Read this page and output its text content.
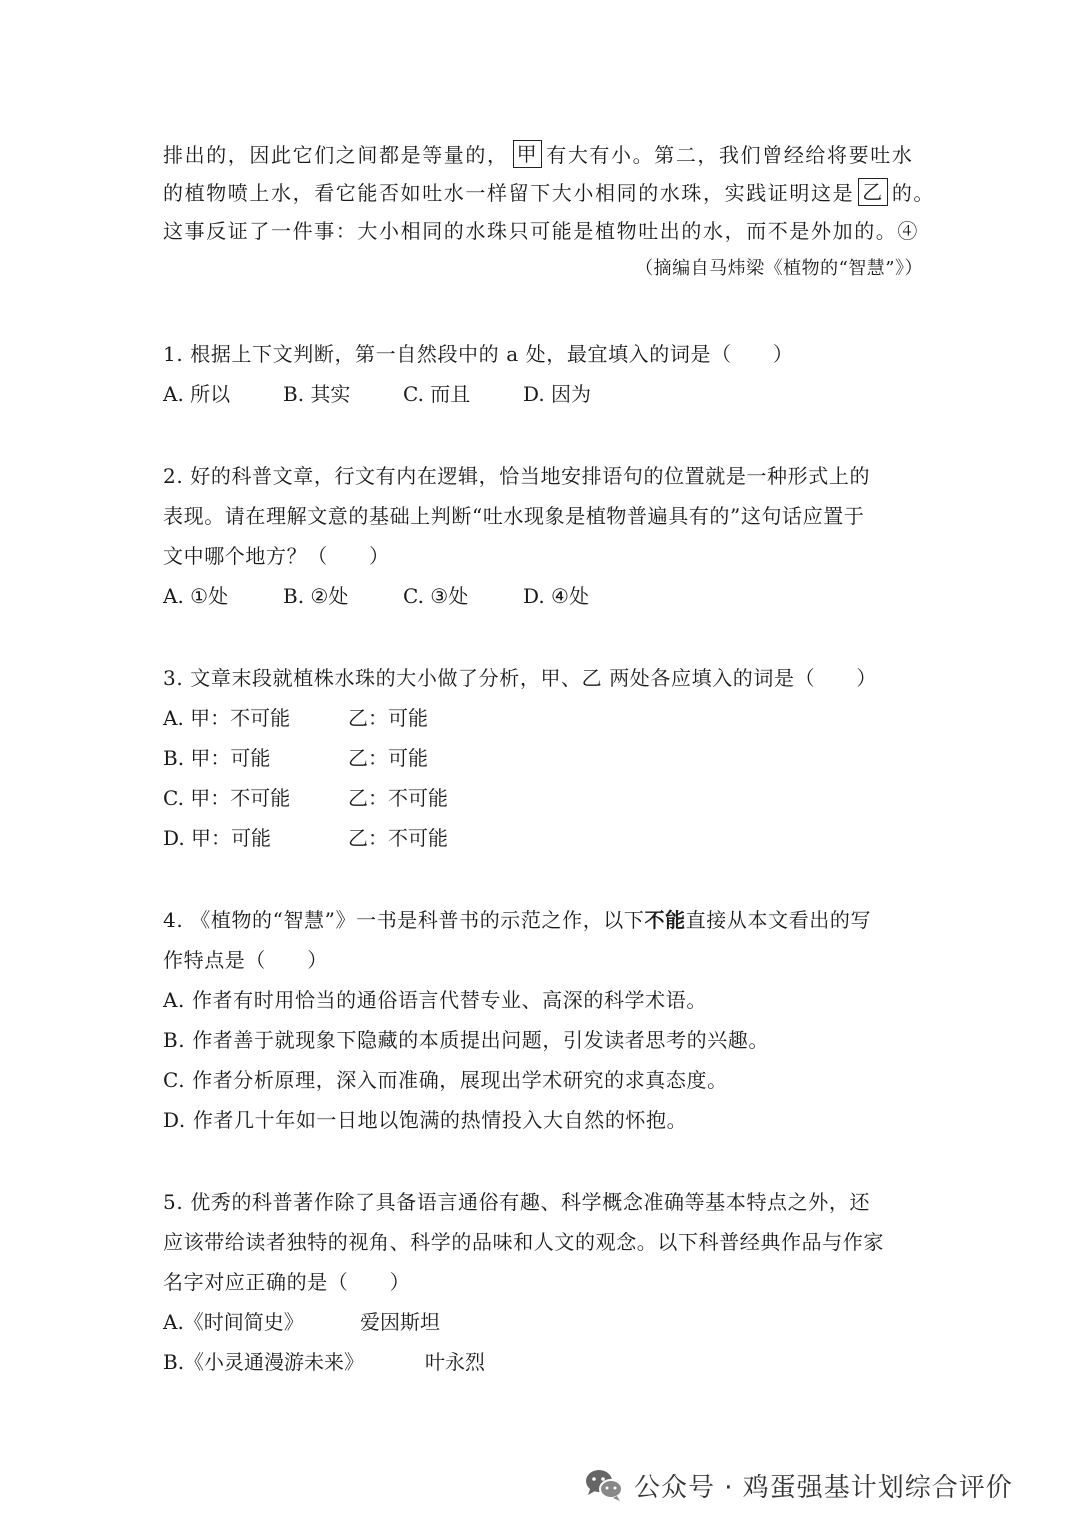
排出的，因此它们之间都是等量的， 甲 有大有小。第二，我们曾经给将要吐水
的植物喷上水，看它能否如吐水一样留下大小相同的水珠，实践证明这是 乙 的。
这事反证了一件事：大小相同的水珠只可能是植物吐出的水，而不是外加的。④
（摘编自马炜梁《植物的“智慧”》）
1. 根据上下文判断，第一自然段中的 a 处，最宜填入的词是（　　）
A. 所以	B. 其实	C. 而且	D. 因为
2. 好的科普文章，行文有内在逻辑，恰当地安排语句的位置就是一种形式上的
表现。请在理解文意的基础上判断“吐水现象是植物普遍具有的”这句话应置于
文中哪个地方？（　　）
A. ①处	B. ②处	C. ③处	D. ④处
3. 文章末段就植株水珠的大小做了分析，甲、乙 两处各应填入的词是（　　）
A. 甲：不可能	乙：可能
B. 甲：可能	乙：可能
C. 甲：不可能	乙：不可能
D. 甲：可能	乙：不可能
4. 《植物的“智慧”》一书是科普书的示范之作，以下不能直接从本文看出的写
作特点是（　　）
A. 作者有时用恰当的通俗语言代替专业、高深的科学术语。
B. 作者善于就现象下隐藏的本质提出问题，引发读者思考的兴趣。
C. 作者分析原理，深入而准确，展现出学术研究的求真态度。
D. 作者几十年如一日地以饱满的热情投入大自然的怀抱。
5. 优秀的科普著作除了具备语言通俗有趣、科学概念准确等基本特点之外，还
应该带给读者独特的视角、科学的品味和人文的观念。以下科普经典作品与作家
名字对应正确的是（　　）
A.《时间简史》	爱因斯坦
B.《小灵通漫游未来》	叶永烈
公众号 · 鸡蛋强基计划综合评价
